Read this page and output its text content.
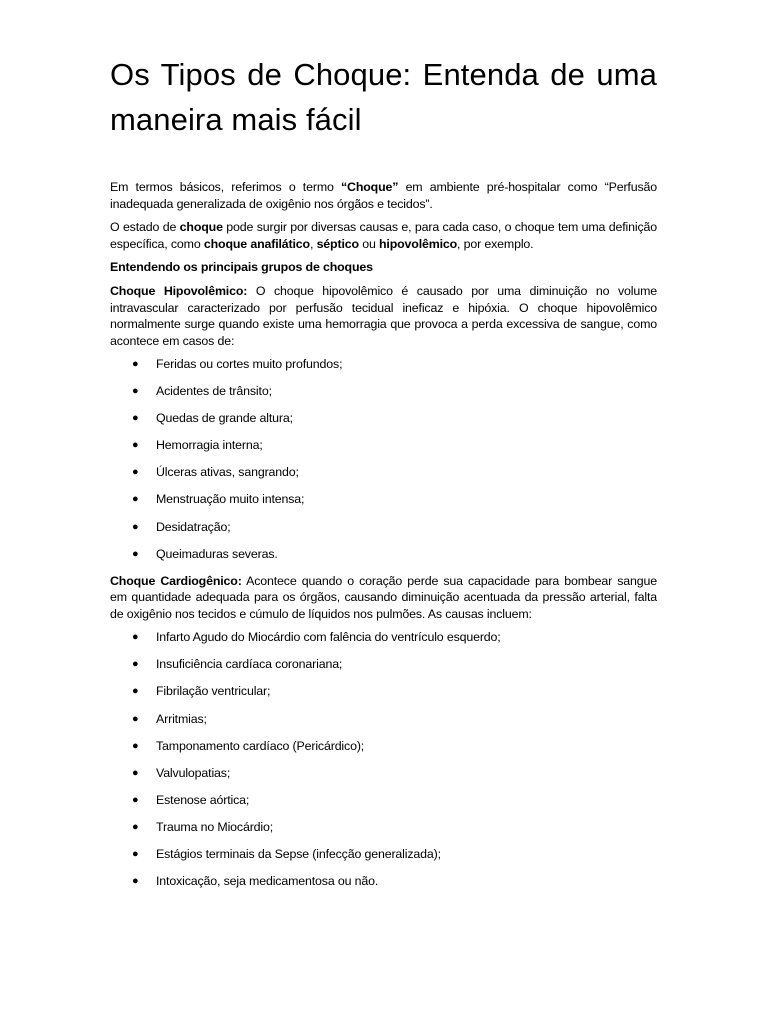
Os Tipos de Choque: Entenda de uma maneira mais fácil

Em termos básicos, referimos o termo “Choque” em ambiente pré-hospitalar como “Perfusão inadequada generalizada de oxigênio nos órgãos e tecidos”.

O estado de choque pode surgir por diversas causas e, para cada caso, o choque tem uma definição específica, como choque anafilático, séptico ou hipovolêmico, por exemplo.

Entendendo os principais grupos de choques

Choque Hipovolêmico: O choque hipovolêmico é causado por uma diminuição no volume intravascular caracterizado por perfusão tecidual ineficaz e hipóxia. O choque hipovolêmico normalmente surge quando existe uma hemorragia que provoca a perda excessiva de sangue, como acontece em casos de:

● Feridas ou cortes muito profundos;
● Acidentes de trânsito;
● Quedas de grande altura;
● Hemorragia interna;
● Úlceras ativas, sangrando;
● Menstruação muito intensa;
● Desidatração;
● Queimaduras severas.

Choque Cardiogênico: Acontece quando o coração perde sua capacidade para bombear sangue em quantidade adequada para os órgãos, causando diminuição acentuada da pressão arterial, falta de oxigênio nos tecidos e cúmulo de líquidos nos pulmões. As causas incluem:

● Infarto Agudo do Miocárdio com falência do ventrículo esquerdo;
● Insuficiência cardíaca coronariana;
● Fibrilação ventricular;
● Arritmias;
● Tamponamento cardíaco (Pericárdico);
● Valvulopatias;
● Estenose aórtica;
● Trauma no Miocárdio;
● Estágios terminais da Sepse (infecção generalizada);
● Intoxicação, seja medicamentosa ou não.
